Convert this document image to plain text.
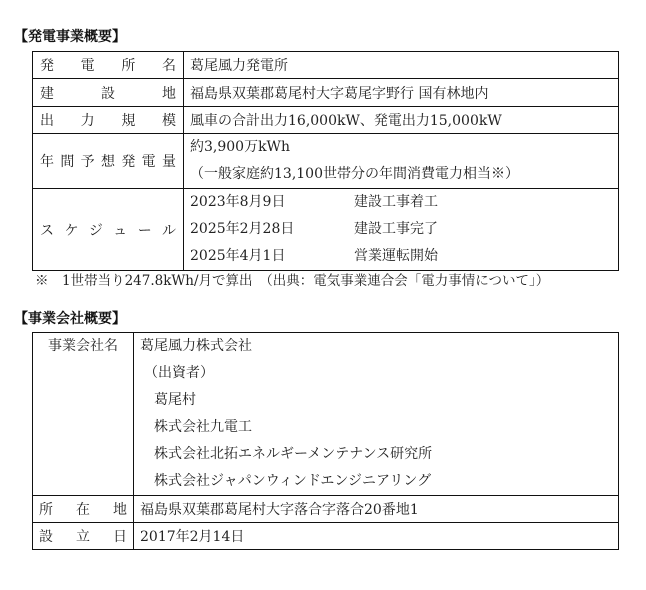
【発電事業概要】
発電所名	葛尾風力発電所
建設地	福島県双葉郡葛尾村大字葛尾字野行 国有林地内
出力規模	風車の合計出力16,000kW、発電出力15,000kW
年間予想発電量	約3,900万kWh
（一般家庭約13,100世帯分の年間消費電力相当※）

スケジュール	
2023年8月9日	建設工事着工
2025年2月28日	建設工事完了
2025年4月1日	営業運転開始
※　1世帯当り247.8kWh/月で算出　（出典：電気事業連合会「電力事情について」）
【事業会社概要】
事業会社名	葛尾風力株式会社
（出資者）
葛尾村
株式会社九電工
株式会社北拓エネルギーメンテナンス研究所
株式会社ジャパンウィンドエンジニアリング

所在地	福島県双葉郡葛尾村大字落合字落合20番地1
設立日	2017年2月14日
